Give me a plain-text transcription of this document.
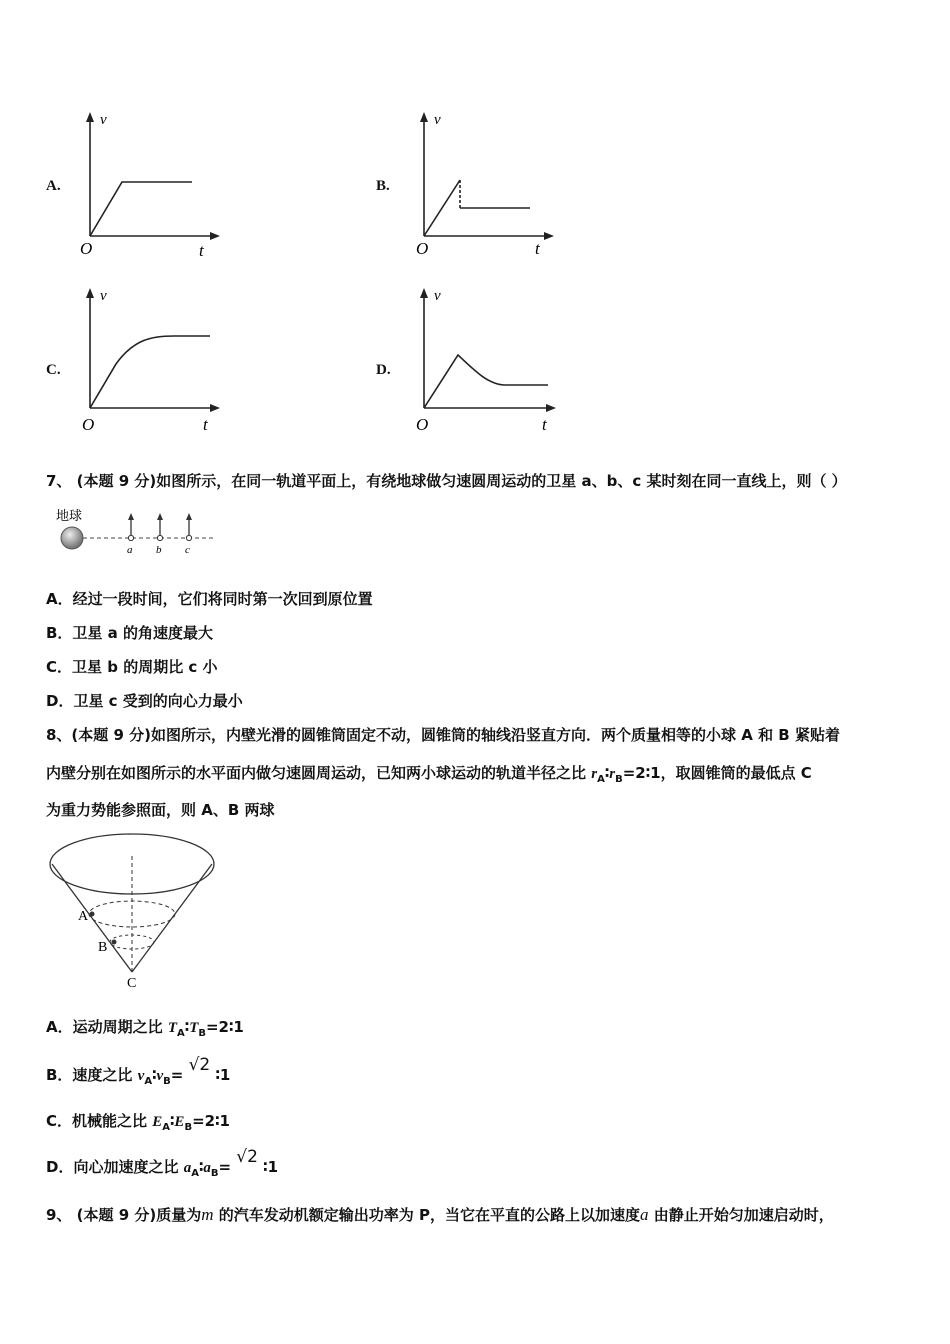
A.
v
O	t
B.
v
O	t
C.
v
O	t
D.
v
O	t
7、 (本题 9 分)如图所示，在同一轨道平面上，有绕地球做匀速圆周运动的卫星 a、b、c 某时刻在同一直线上，则（ ）
地球
a b c
A．经过一段时间，它们将同时第一次回到原位置
B．卫星 a 的角速度最大
C．卫星 b 的周期比 c 小
D．卫星 c 受到的向心力最小
8、(本题 9 分)如图所示，内壁光滑的圆锥筒固定不动，圆锥筒的轴线沿竖直方向．两个质量相等的小球 A 和 B 紧贴着
内壁分别在如图所示的水平面内做匀速圆周运动，已知两小球运动的轨道半径之比 $r_A∶r_B=2∶1$，取圆锥筒的最低点 C
为重力势能参照面，则 A、B 两球
A
B
C
A．运动周期之比 $T_A∶T_B=2∶1$
B．速度之比 $v_A∶v_B= √2$ ∶1
C．机械能之比 $E_A∶E_B=2∶1$
D．向心加速度之比 $a_A∶a_B= √2$ ∶1
9、 (本题 9 分)质量为m 的汽车发动机额定输出功率为 P，当它在平直的公路上以加速度a 由静止开始匀加速启动时，
